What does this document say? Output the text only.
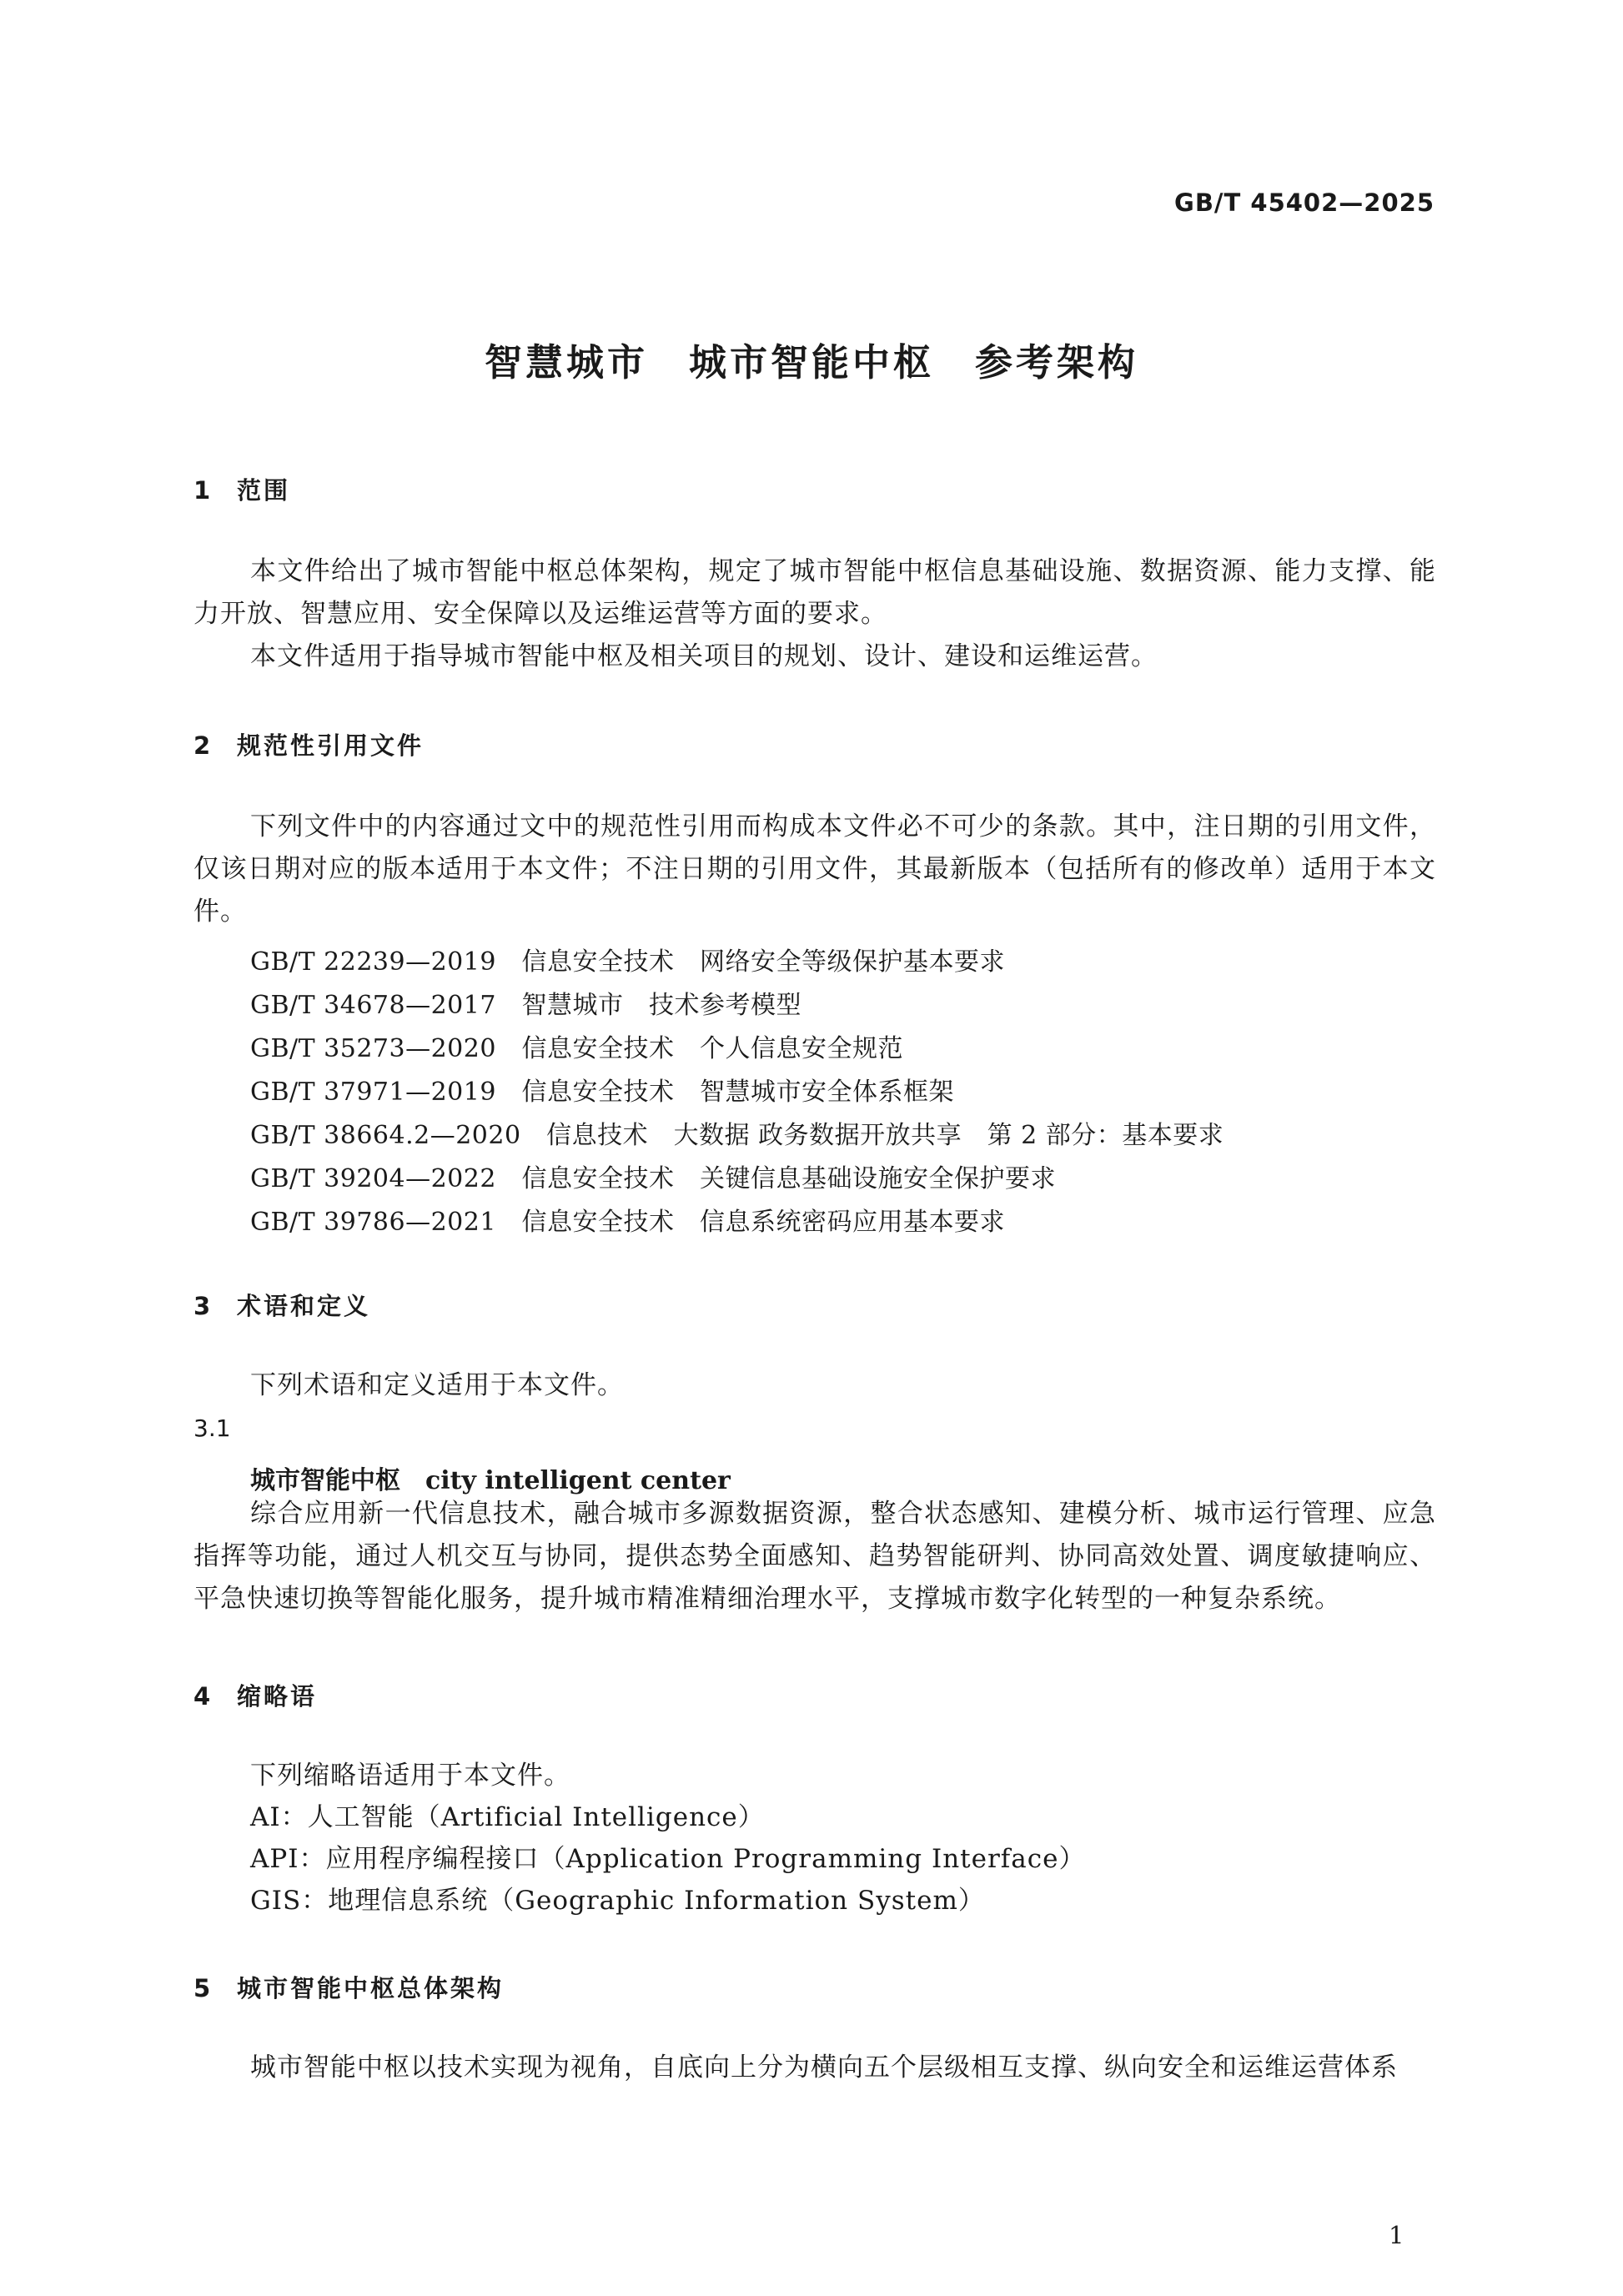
GB/T 45402—2025
智慧城市　城市智能中枢　参考架构
1 范围
本文件给出了城市智能中枢总体架构，规定了城市智能中枢信息基础设施、数据资源、能力支撑、能力开放、智慧应用、安全保障以及运维运营等方面的要求。
本文件适用于指导城市智能中枢及相关项目的规划、设计、建设和运维运营。
2 规范性引用文件
下列文件中的内容通过文中的规范性引用而构成本文件必不可少的条款。其中，注日期的引用文件，仅该日期对应的版本适用于本文件；不注日期的引用文件，其最新版本（包括所有的修改单）适用于本文件。
GB/T 22239—2019　 信息安全技术　网络安全等级保护基本要求
GB/T 34678—2017　 智慧城市　技术参考模型
GB/T 35273—2020　 信息安全技术　个人信息安全规范
GB/T 37971—2019　 信息安全技术　智慧城市安全体系框架
GB/T 38664.2—2020　 信息技术　大数据 政务数据开放共享　第 2 部分：基本要求
GB/T 39204—2022　 信息安全技术　关键信息基础设施安全保护要求
GB/T 39786—2021　 信息安全技术　信息系统密码应用基本要求
3 术语和定义
下列术语和定义适用于本文件。
3.1
城市智能中枢 city intelligent center
综合应用新一代信息技术，融合城市多源数据资源，整合状态感知、建模分析、城市运行管理、应急指挥等功能，通过人机交互与协同，提供态势全面感知、趋势智能研判、协同高效处置、调度敏捷响应、平急快速切换等智能化服务，提升城市精准精细治理水平，支撑城市数字化转型的一种复杂系统。
4 缩略语
下列缩略语适用于本文件。
AI：人工智能（Artificial Intelligence）
API：应用程序编程接口（Application Programming Interface）
GIS：地理信息系统（Geographic Information System）
5 城市智能中枢总体架构
城市智能中枢以技术实现为视角，自底向上分为横向五个层级相互支撑、纵向安全和运维运营体系
1
